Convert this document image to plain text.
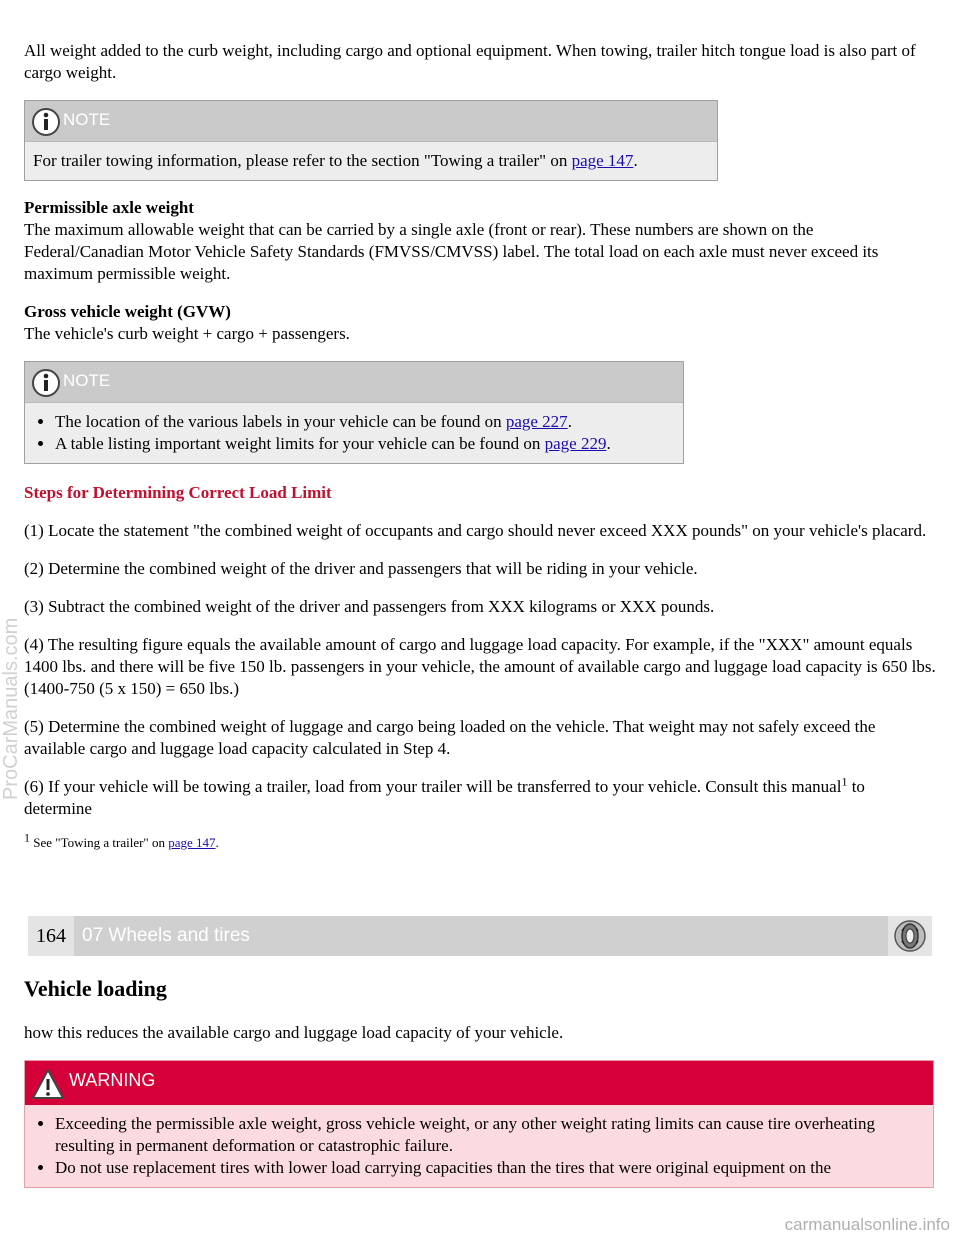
ProCarManuals.com

All weight added to the curb weight, including cargo and optional equipment. When towing, trailer hitch tongue load is also part of cargo weight.

NOTE

For trailer towing information, please refer to the section "Towing a trailer" on page 147.

Permissible axle weight

The maximum allowable weight that can be carried by a single axle (front or rear). These numbers are shown on the Federal/Canadian Motor Vehicle Safety Standards (FMVSS/CMVSS) label. The total load on each axle must never exceed its maximum permissible weight.

Gross vehicle weight (GVW)

The vehicle's curb weight + cargo + passengers.

NOTE
• The location of the various labels in your vehicle can be found on page 227.
• A table listing important weight limits for your vehicle can be found on page 229.

Steps for Determining Correct Load Limit

(1) Locate the statement "the combined weight of occupants and cargo should never exceed XXX pounds" on your vehicle's placard.

(2) Determine the combined weight of the driver and passengers that will be riding in your vehicle.

(3) Subtract the combined weight of the driver and passengers from XXX kilograms or XXX pounds.

(4) The resulting figure equals the available amount of cargo and luggage load capacity. For example, if the "XXX" amount equals 1400 lbs. and there will be five 150 lb. passengers in your vehicle, the amount of available cargo and luggage load capacity is 650 lbs. (1400-750 (5 x 150) = 650 lbs.)

(5) Determine the combined weight of luggage and cargo being loaded on the vehicle. That weight may not safely exceed the available cargo and luggage load capacity calculated in Step 4.

(6) If your vehicle will be towing a trailer, load from your trailer will be transferred to your vehicle. Consult this manual$^1$ to determine

$^1$ See "Towing a trailer" on page 147.

164 07 Wheels and tires

Vehicle loading

how this reduces the available cargo and luggage load capacity of your vehicle.

WARNING
• Exceeding the permissible axle weight, gross vehicle weight, or any other weight rating limits can cause tire overheating resulting in permanent deformation or catastrophic failure.
• Do not use replacement tires with lower load carrying capacities than the tires that were original equipment on the
carmanualsonline.info
